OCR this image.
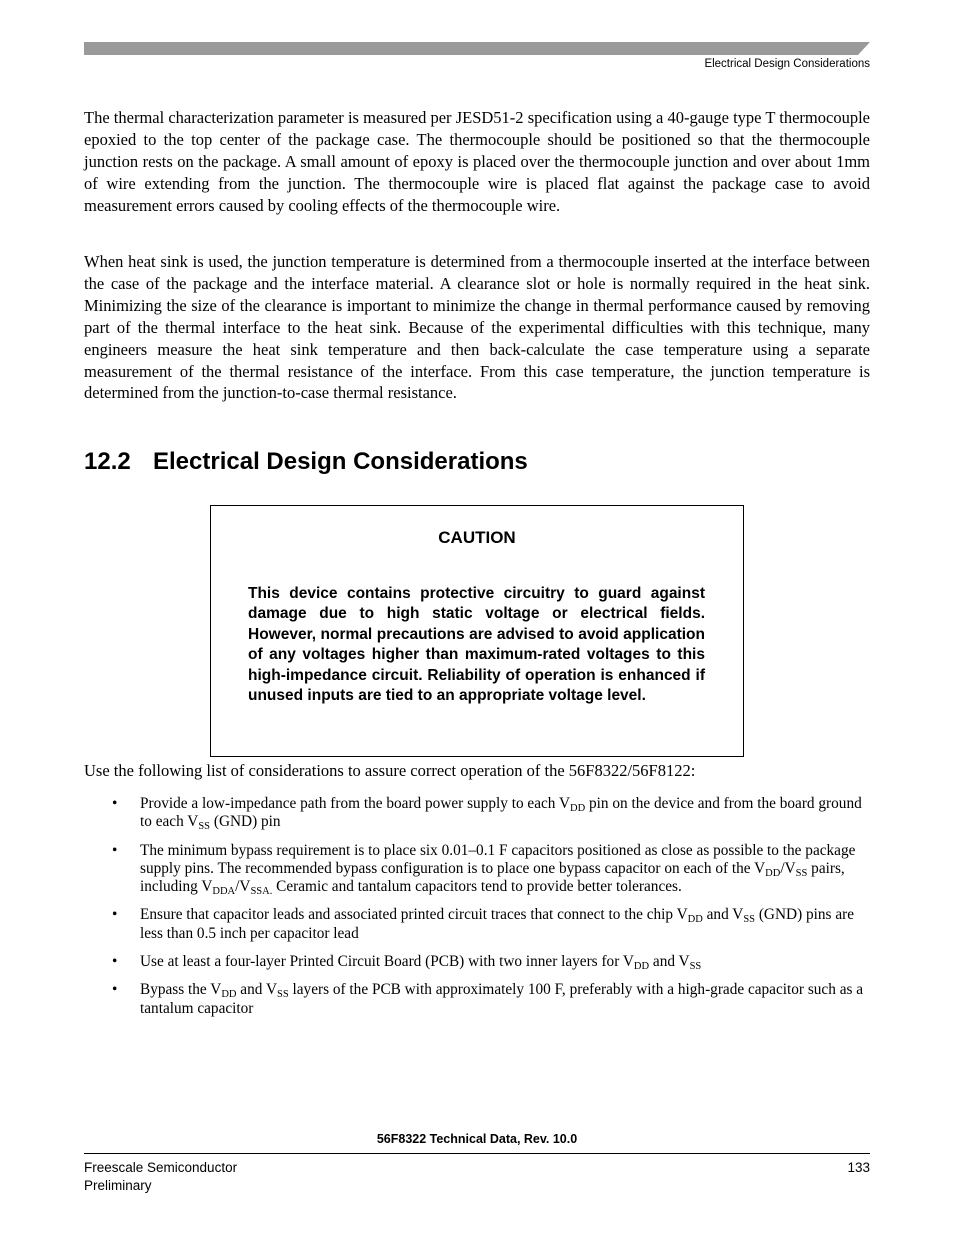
Electrical Design Considerations

The thermal characterization parameter is measured per JESD51-2 specification using a 40-gauge type T thermocouple epoxied to the top center of the package case. The thermocouple should be positioned so that the thermocouple junction rests on the package. A small amount of epoxy is placed over the thermocouple junction and over about 1mm of wire extending from the junction. The thermocouple wire is placed flat against the package case to avoid measurement errors caused by cooling effects of the thermocouple wire.

When heat sink is used, the junction temperature is determined from a thermocouple inserted at the interface between the case of the package and the interface material. A clearance slot or hole is normally required in the heat sink. Minimizing the size of the clearance is important to minimize the change in thermal performance caused by removing part of the thermal interface to the heat sink. Because of the experimental difficulties with this technique, many engineers measure the heat sink temperature and then back-calculate the case temperature using a separate measurement of the thermal resistance of the interface. From this case temperature, the junction temperature is determined from the junction-to-case thermal resistance.

12.2 Electrical Design Considerations
CAUTION

This device contains protective circuitry to guard against damage due to high static voltage or electrical fields. However, normal precautions are advised to avoid application of any voltages higher than maximum-rated voltages to this high-impedance circuit. Reliability of operation is enhanced if unused inputs are tied to an appropriate voltage level.

Use the following list of considerations to assure correct operation of the 56F8322/56F8122:

• Provide a low-impedance path from the board power supply to each $V_{DD}$ pin on the device and from the board ground to each $V_{SS}$ (GND) pin
• The minimum bypass requirement is to place six 0.01–0.1 F capacitors positioned as close as possible to the package supply pins. The recommended bypass configuration is to place one bypass capacitor on each of the $V_{DD}/V_{SS}$ pairs, including $V_{DDA}/V_{SSA.}$ Ceramic and tantalum capacitors tend to provide better tolerances.
• Ensure that capacitor leads and associated printed circuit traces that connect to the chip $V_{DD}$ and $V_{SS}$ (GND) pins are less than 0.5 inch per capacitor lead
• Use at least a four-layer Printed Circuit Board (PCB) with two inner layers for $V_{DD}$ and $V_{SS}$
• Bypass the $V_{DD}$ and $V_{SS}$ layers of the PCB with approximately 100 F, preferably with a high-grade capacitor such as a tantalum capacitor
56F8322 Technical Data, Rev. 10.0
Freescale Semiconductor
Preliminary
133
